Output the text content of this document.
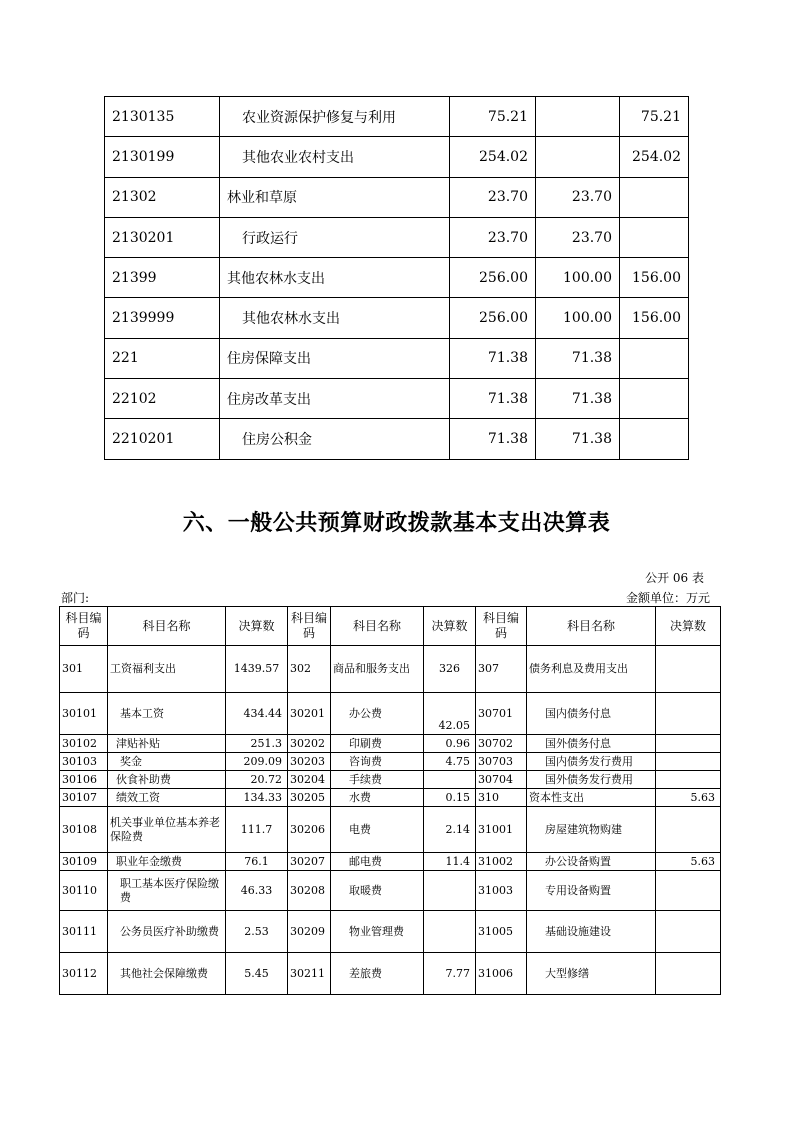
2130135	农业资源保护修复与利用	75.21		75.21
2130199	其他农业农村支出	254.02		254.02
21302	林业和草原	23.70	23.70	
2130201	行政运行	23.70	23.70	
21399	其他农林水支出	256.00	100.00	156.00
2139999	其他农林水支出	256.00	100.00	156.00
221	住房保障支出	71.38	71.38	
22102	住房改革支出	71.38	71.38	
2210201	住房公积金	71.38	71.38	
六、一般公共预算财政拨款基本支出决算表
公开 06 表
部门:	金额单位：万元
科目编码	科目名称	决算数	科目编码	科目名称	决算数	科目编码	科目名称	决算数
301	工资福利支出	1439.57	302	商品和服务支出	326	307	债务利息及费用支出	
30101	基本工资	434.44	30201	办公费	42.05	30701	国内债务付息	
30102	津贴补贴	251.3	30202	印刷费	0.96	30702	国外债务付息	
30103	奖金	209.09	30203	咨询费	4.75	30703	国内债务发行费用	
30106	伙食补助费	20.72	30204	手续费		30704	国外债务发行费用	
30107	绩效工资	134.33	30205	水费	0.15	310	资本性支出	5.63
30108	机关事业单位基本养老保险费	111.7	30206	电费	2.14	31001	房屋建筑物购建	
30109	职业年金缴费	76.1	30207	邮电费	11.4	31002	办公设备购置	5.63
30110	职工基本医疗保险缴费	46.33	30208	取暖费		31003	专用设备购置	
30111	公务员医疗补助缴费	2.53	30209	物业管理费		31005	基础设施建设	
30112	其他社会保障缴费	5.45	30211	差旅费	7.77	31006	大型修缮	
